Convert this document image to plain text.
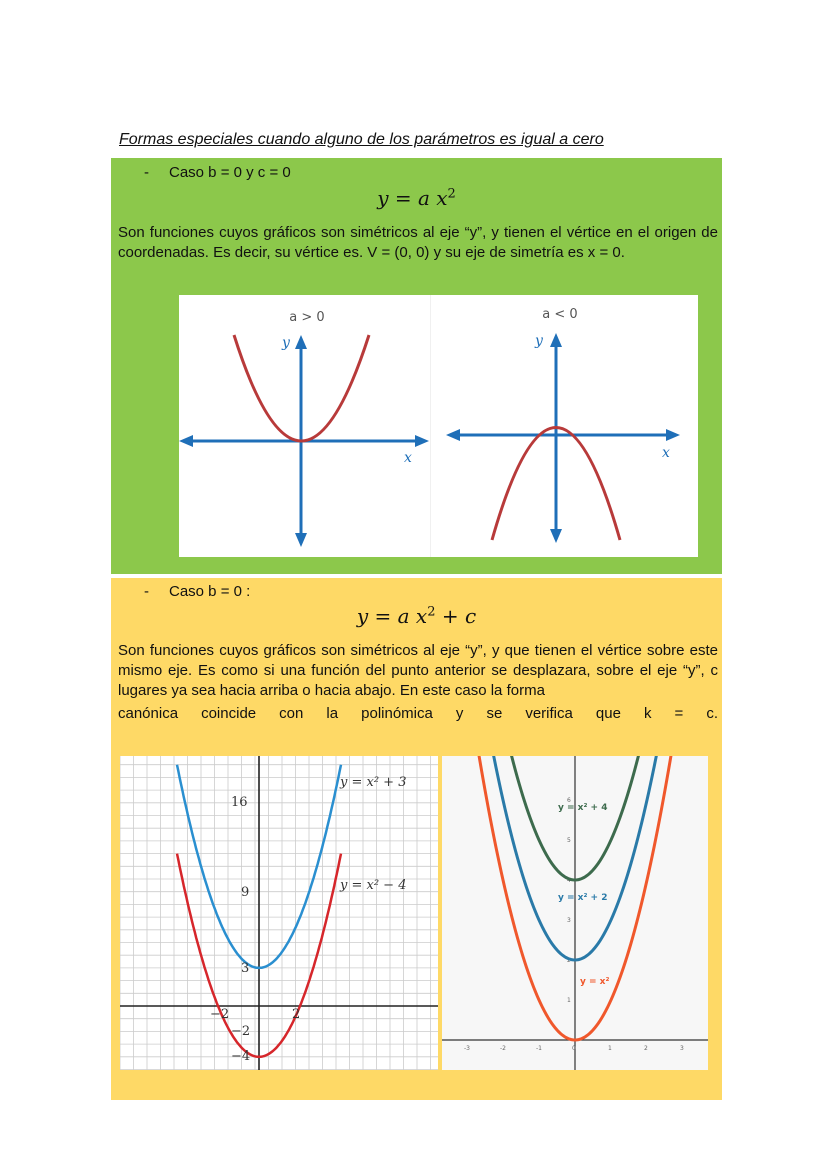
Formas especiales cuando alguno de los parámetros es igual a cero
- Caso b = 0 y c = 0
y = a $x^2$
Son funciones cuyos gráficos son simétricos al eje “y”, y tienen el vértice en el origen de coordenadas. Es decir, su vértice es. V = (0, 0) y su eje de simetría es x = 0.
a > 0
y
x
a < 0
y
x
- Caso b = 0 :
y = a $x^2 + c$
Son funciones cuyos gráficos son simétricos al eje “y”, y que tienen el vértice sobre este mismo eje. Es como si una función del punto anterior se desplazara, sobre el eje “y”, c lugares ya sea hacia arriba o hacia abajo. En este caso la forma
canónica coincide con la polinómica y se verifica que k = c.
16
9
3
−2
−4
−2	2
y = x² + 3
y = x² − 4
1
2
3
4
5
6
-3	-2	-1	0	1	2	3
y = x² + 4
y = x² + 2
y = x²
